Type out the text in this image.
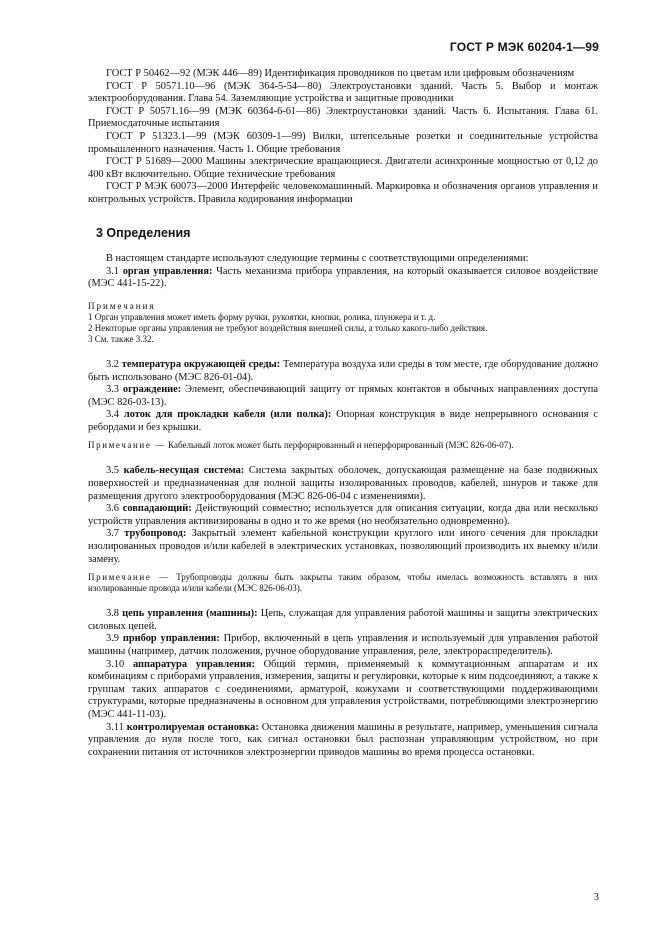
ГОСТ Р МЭК 60204-1—99

ГОСТ Р 50462—92 (МЭК 446—89) Идентификация проводников по цветам или цифровым обозначениям

ГОСТ Р 50571.10—96 (МЭК 364-5-54—80) Электроустановки зданий. Часть 5. Выбор и монтаж электрооборудования. Глава 54. Заземляющие устройства и защитные проводники

ГОСТ Р 50571.16—99 (МЭК 60364-6-61—86) Электроустановки зданий. Часть 6. Испытания. Глава 61. Приемосдаточные испытания

ГОСТ Р 51323.1—99 (МЭК 60309-1—99) Вилки, штепсельные розетки и соединительные устройства промышленного назначения. Часть 1. Общие требования

ГОСТ Р 51689—2000 Машины электрические вращающиеся. Двигатели асинхронные мощностью от 0,12 до 400 кВт включительно. Общие технические требования

ГОСТ Р МЭК 60073—2000 Интерфейс человекомашинный. Маркировка и обозначения органов управления и контрольных устройств. Правила кодирования информации

3 Определения

В настоящем стандарте используют следующие термины с соответствующими определениями:

3.1 орган управления: Часть механизма прибора управления, на который оказывается силовое воздействие (МЭС 441-15-22).

Примечания

1 Орган управления может иметь форму ручки, рукоятки, кнопки, ролика, плунжера и т. д.

2 Некоторые органы управления не требуют воздействия внешней силы, а только какого-либо действия.

3 См. также 3.32.

3.2 температура окружающей среды: Температура воздуха или среды в том месте, где оборудование должно быть использовано (МЭС 826-01-04).

3.3 ограждение: Элемент, обеспечивающий защиту от прямых контактов в обычных направлениях доступа (МЭС 826-03-13).

3.4 лоток для прокладки кабеля (или полка): Опорная конструкция в виде непрерывного основания с ребордами и без крышки.

Примечание — Кабельный лоток может быть перфорированный и неперфорированный (МЭС 826-06-07).

3.5 кабель-несущая система: Система закрытых оболочек, допускающая размещение на базе подвижных поверхностей и предназначенная для полной защиты изолированных проводов, кабелей, шнуров и также для размещения другого электрооборудования (МЭС 826-06-04 с изменениями).

3.6 совпадающий: Действующий совместно; используется для описания ситуации, когда два или несколько устройств управления активизированы в одно и то же время (но необязательно одновременно).

3.7 трубопровод: Закрытый элемент кабельной конструкции круглого или иного сечения для прокладки изолированных проводов и/или кабелей в электрических установках, позволяющий производить их выемку и/или замену.

Примечание — Трубопроводы должны быть закрыты таким образом, чтобы имелась возможность вставлять в них изолированные провода и/или кабели (МЭС 826-06-03).

3.8 цепь управления (машины): Цепь, служащая для управления работой машины и защиты электрических силовых цепей.

3.9 прибор управления: Прибор, включенный в цепь управления и используемый для управления работой машины (например, датчик положения, ручное оборудование управления, реле, электрораспределитель).

3.10 аппаратура управления: Общий термин, применяемый к коммутационным аппаратам и их комбинациям с приборами управления, измерения, защиты и регулировки, которые к ним подсоединяют, а также к группам таких аппаратов с соединениями, арматурой, кожухами и соответствующими поддерживающими структурами, которые предназначены в основном для управления устройствами, потребляющими электроэнергию (МЭС 441-11-03).

3.11 контролируемая остановка: Остановка движения машины в результате, например, уменьшения сигнала управления до нуля после того, как сигнал остановки был распознан управляющим устройством, но при сохранении питания от источников электроэнергии приводов машины во время процесса остановки.

3
